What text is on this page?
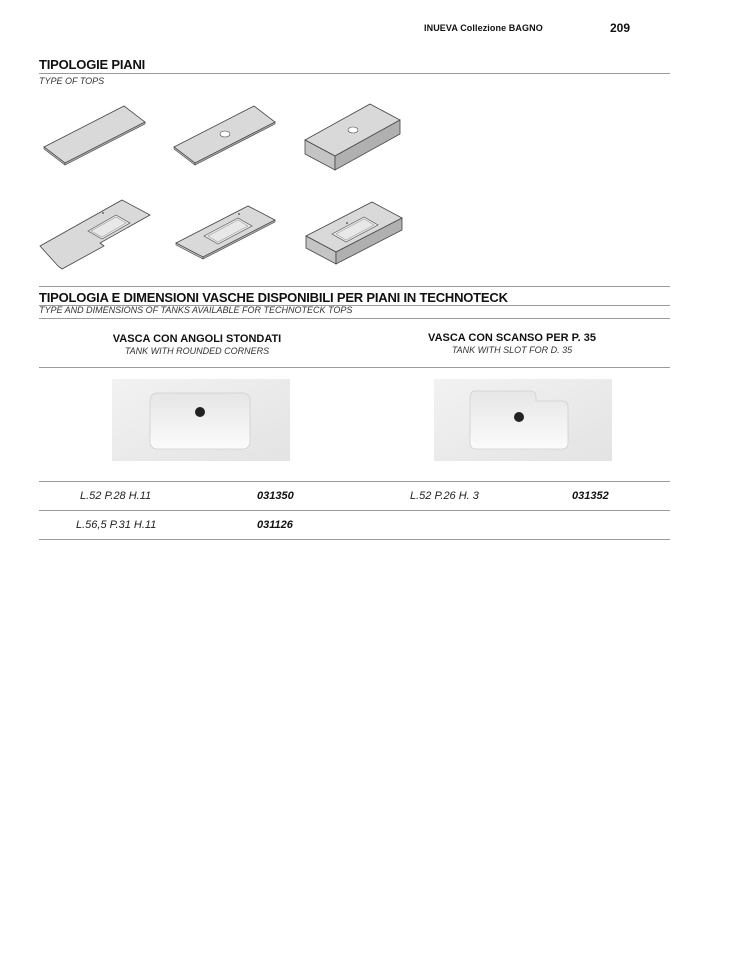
INUEVA Collezione BAGNO	209
TIPOLOGIE PIANI
TYPE OF TOPS
TIPOLOGIA E DIMENSIONI VASCHE DISPONIBILI PER PIANI IN TECHNOTECK
TYPE AND DIMENSIONS OF TANKS AVAILABLE FOR TECHNOTECK TOPS
VASCA CON ANGOLI STONDATI
TANK WITH ROUNDED CORNERS
VASCA CON SCANSO PER P. 35
TANK WITH SLOT FOR D. 35
L.52 P.28 H.11	031350	L.52 P.26 H. 3	031352
L.56,5 P.31 H.11	031126
